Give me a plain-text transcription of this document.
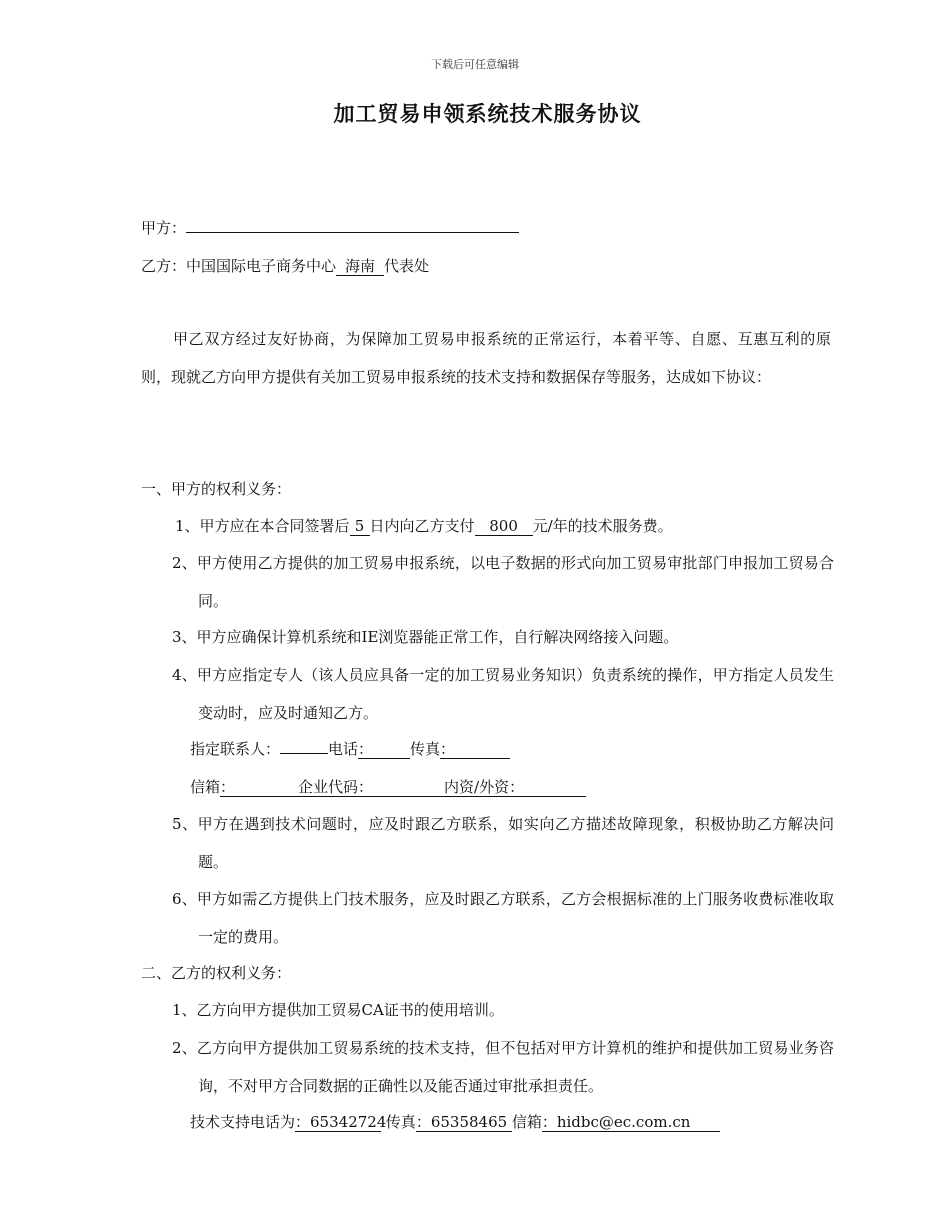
下载后可任意编辑
加工贸易申领系统技术服务协议
甲方：
乙方：中国国际电子商务中心 海南 代表处
甲乙双方经过友好协商，为保障加工贸易申报系统的正常运行，本着平等、自愿、互惠互利的原则，现就乙方向甲方提供有关加工贸易申报系统的技术支持和数据保存等服务，达成如下协议：
一、甲方的权利义务：
1、甲方应在本合同签署后 5 日内向乙方支付 800 元/年的技术服务费。
2、甲方使用乙方提供的加工贸易申报系统，以电子数据的形式向加工贸易审批部门申报加工贸易合同。
3、甲方应确保计算机系统和IE浏览器能正常工作，自行解决网络接入问题。
4、甲方应指定专人（该人员应具备一定的加工贸易业务知识）负责系统的操作，甲方指定人员发生变动时，应及时通知乙方。
指定联系人：	电话： 传真：
信箱：	企业代码：	内资/外资：
5、甲方在遇到技术问题时，应及时跟乙方联系，如实向乙方描述故障现象，积极协助乙方解决问题。
6、甲方如需乙方提供上门技术服务，应及时跟乙方联系，乙方会根据标准的上门服务收费标准收取一定的费用。
二、乙方的权利义务：
1、乙方向甲方提供加工贸易CA证书的使用培训。
2、乙方向甲方提供加工贸易系统的技术支持，但不包括对甲方计算机的维护和提供加工贸易业务咨询，不对甲方合同数据的正确性以及能否通过审批承担责任。
技术支持电话为：65342724 传真：65358465 信箱：hidbc@ec.com.cn
